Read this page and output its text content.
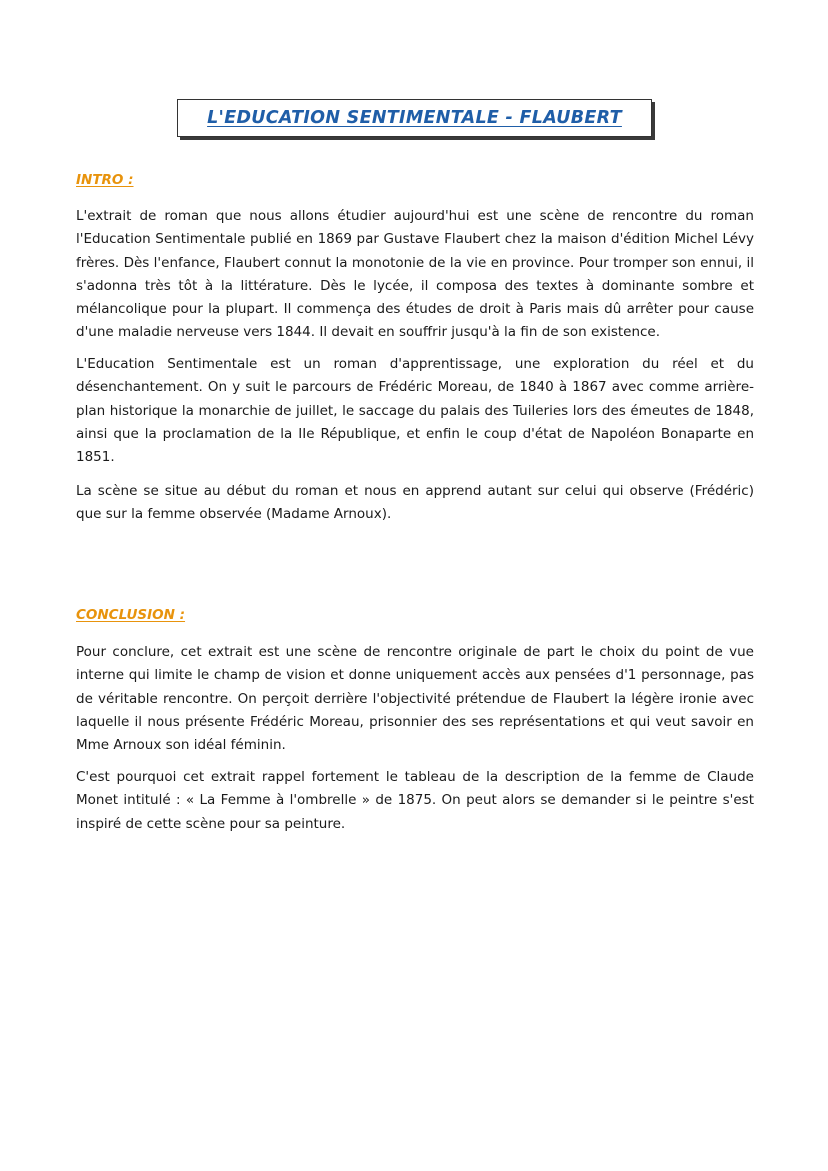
L'EDUCATION SENTIMENTALE - FLAUBERT
INTRO :

L'extrait de roman que nous allons étudier aujourd'hui est une scène de rencontre du roman l'Education Sentimentale publié en 1869 par Gustave Flaubert chez la maison d'édition Michel Lévy frères. Dès l'enfance, Flaubert connut la monotonie de la vie en province. Pour tromper son ennui, il s'adonna très tôt à la littérature. Dès le lycée, il composa des textes à dominante sombre et mélancolique pour la plupart. Il commença des études de droit à Paris mais dû arrêter pour cause d'une maladie nerveuse vers 1844. Il devait en souffrir jusqu'à la fin de son existence.

L'Education Sentimentale est un roman d'apprentissage, une exploration du réel et du désenchantement. On y suit le parcours de Frédéric Moreau, de 1840 à 1867 avec comme arrière-plan historique la monarchie de juillet, le saccage du palais des Tuileries lors des émeutes de 1848, ainsi que la proclamation de la IIe République, et enfin le coup d'état de Napoléon Bonaparte en 1851.

La scène se situe au début du roman et nous en apprend autant sur celui qui observe (Frédéric) que sur la femme observée (Madame Arnoux).

CONCLUSION :

Pour conclure, cet extrait est une scène de rencontre originale de part le choix du point de vue interne qui limite le champ de vision et donne uniquement accès aux pensées d'1 personnage, pas de véritable rencontre. On perçoit derrière l'objectivité prétendue de Flaubert la légère ironie avec laquelle il nous présente Frédéric Moreau, prisonnier des ses représentations et qui veut savoir en Mme Arnoux son idéal féminin.

C'est pourquoi cet extrait rappel fortement le tableau de la description de la femme de Claude Monet intitulé : « La Femme à l'ombrelle » de 1875. On peut alors se demander si le peintre s'est inspiré de cette scène pour sa peinture.
